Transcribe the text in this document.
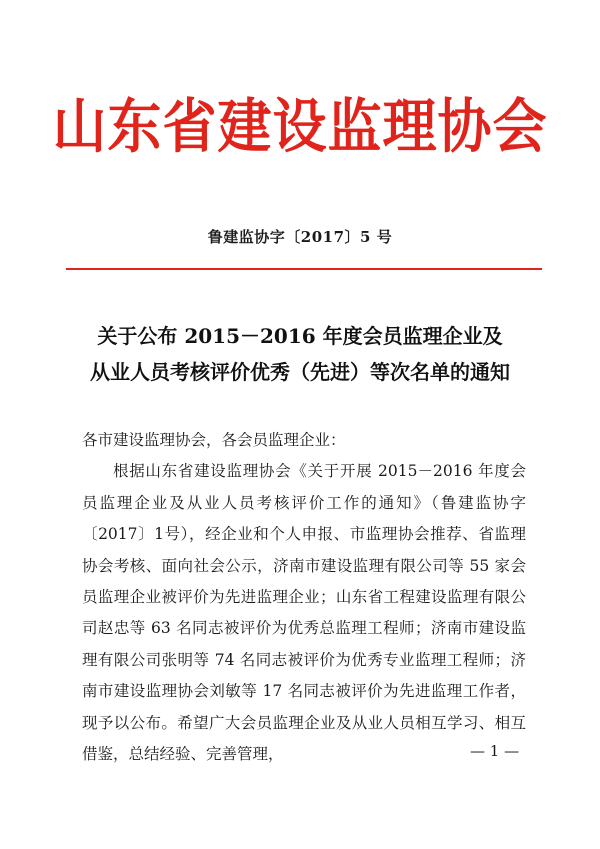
山东省建设监理协会
鲁建监协字〔2017〕5 号
关于公布 2015－2016 年度会员监理企业及
从业人员考核评价优秀（先进）等次名单的通知
各市建设监理协会，各会员监理企业：

根据山东省建设监理协会《关于开展 2015－2016 年度会员监理企业及从业人员考核评价工作的通知》（鲁建监协字〔2017〕1号），经企业和个人申报、市监理协会推荐、省监理协会考核、面向社会公示，济南市建设监理有限公司等 55 家会员监理企业被评价为先进监理企业；山东省工程建设监理有限公司赵忠等 63 名同志被评价为优秀总监理工程师；济南市建设监理有限公司张明等 74 名同志被评价为优秀专业监理工程师；济南市建设监理协会刘敏等 17 名同志被评价为先进监理工作者，现予以公布。希望广大会员监理企业及从业人员相互学习、相互借鉴，总结经验、完善管理，	— 1 —
